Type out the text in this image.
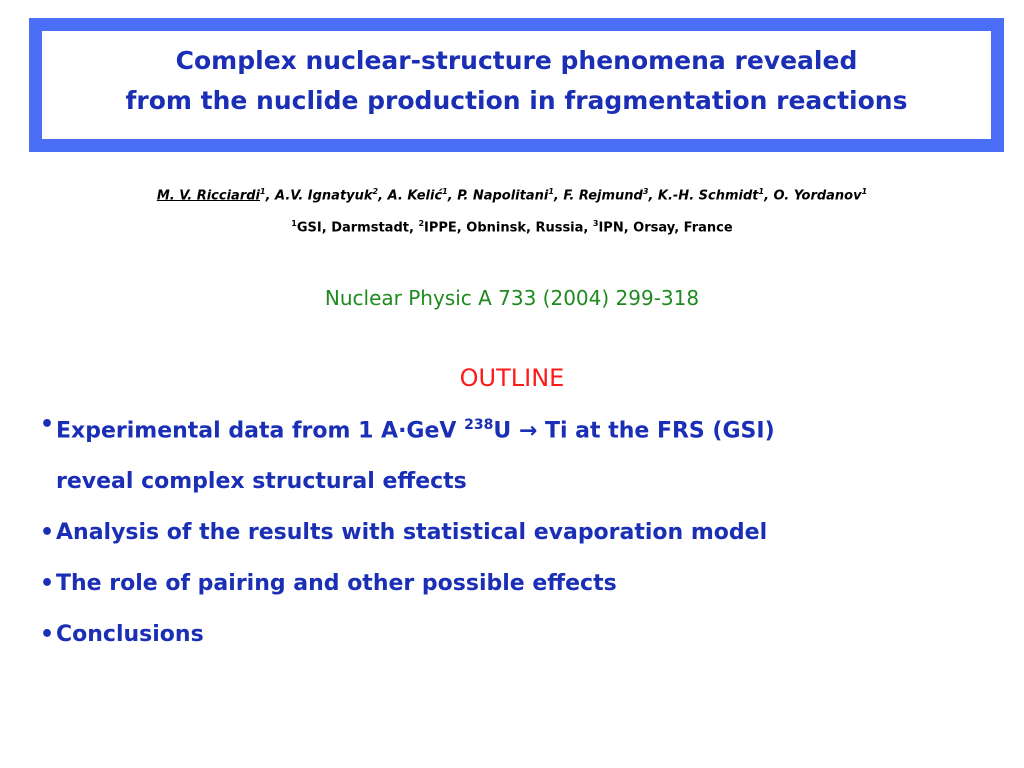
Complex nuclear-structure phenomena revealed
from the nuclide production in fragmentation reactions
M. V. Ricciardi$^1$, A.V. Ignatyuk$^2$, A. Kelić$^1$, P. Napolitani$^1$, F. Rejmund$^3$, K.-H. Schmidt$^1$, O. Yordanov$^1$
$^1$GSI, Darmstadt, $^2$IPPE, Obninsk, Russia, $^3$IPN, Orsay, France
Nuclear Physic A 733 (2004) 299-318
OUTLINE
• Experimental data from 1 A·GeV $^{238}$U → Ti at the FRS (GSI)
reveal complex structural effects
• Analysis of the results with statistical evaporation model
• The role of pairing and other possible effects
• Conclusions
